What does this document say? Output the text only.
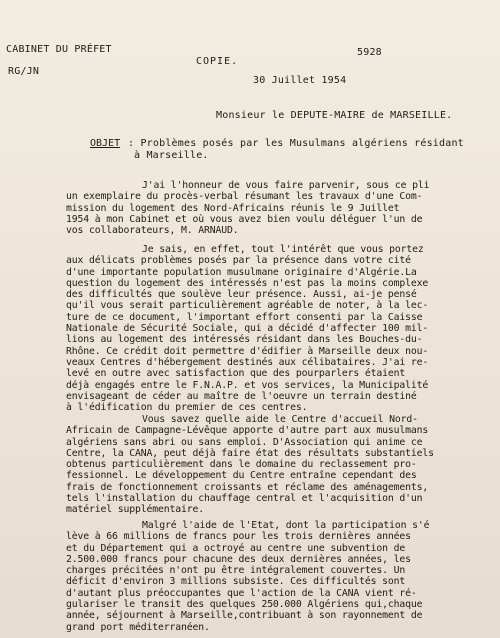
CABINET DU PRÉFET
RG/JN
COPIE.
5928
30 Juillet 1954
Monsieur le DEPUTE-MAIRE de MARSEILLE.
OBJET : Problèmes posés par les Musulmans algériens résidant
à Marseille.
J'ai l'honneur de vous faire parvenir, sous ce pli
un exemplaire du procès-verbal résumant les travaux d'une Com-
mission du logement des Nord-Africains réunis le 9 Juillet
1954 à mon Cabinet et où vous avez bien voulu déléguer l'un de
vos collaborateurs, M. ARNAUD.
Je sais, en effet, tout l'intérêt que vous portez
aux délicats problèmes posés par la présence dans votre cité
d'une importante population musulmane originaire d'Algérie.La
question du logement des intéressés n'est pas la moins complexe
des difficultés que soulève leur présence. Aussi, ai-je pensé
qu'il vous serait particulièrement agréable de noter, à la lec-
ture de ce document, l'important effort consenti par la Caisse
Nationale de Sécurité Sociale, qui a décidé d'affecter 100 mil-
lions au logement des intéressés résidant dans les Bouches-du-
Rhône. Ce crédit doit permettre d'édifier à Marseille deux nou-
veaux Centres d'hébergement destinés aux célibataires. J'ai re-
levé en outre avec satisfaction que des pourparlers étaient
déjà engagés entre le F.N.A.P. et vos services, la Municipalité
envisageant de céder au maître de l'oeuvre un terrain destiné
à l'édification du premier de ces centres.
Vous savez quelle aide le Centre d'accueil Nord-
Africain de Campagne-Lévêque apporte d'autre part aux musulmans
algériens sans abri ou sans emploi. D'Association qui anime ce
Centre, la CANA, peut déjà faire état des résultats substantiels
obtenus particulièrement dans le domaine du reclassement pro-
fessionnel. Le développement du Centre entraîne cependant des
frais de fonctionnement croissants et réclame des aménagements,
tels l'installation du chauffage central et l'acquisition d'un
matériel supplémentaire.
Malgré l'aide de l'Etat, dont la participation s'é
lève à 66 millions de francs pour les trois dernières années
et du Département qui a octroyé au centre une subvention de
2.500.000 francs pour chacune des deux dernières années, les
charges précitées n'ont pu être intégralement couvertes. Un
déficit d'environ 3 millions subsiste. Ces difficultés sont
d'autant plus préoccupantes que l'action de la CANA vient ré-
gulariser le transit des quelques 250.000 Algériens qui,chaque
année, séjournent à Marseille,contribuant à son rayonnement de
grand port méditerranéen.
